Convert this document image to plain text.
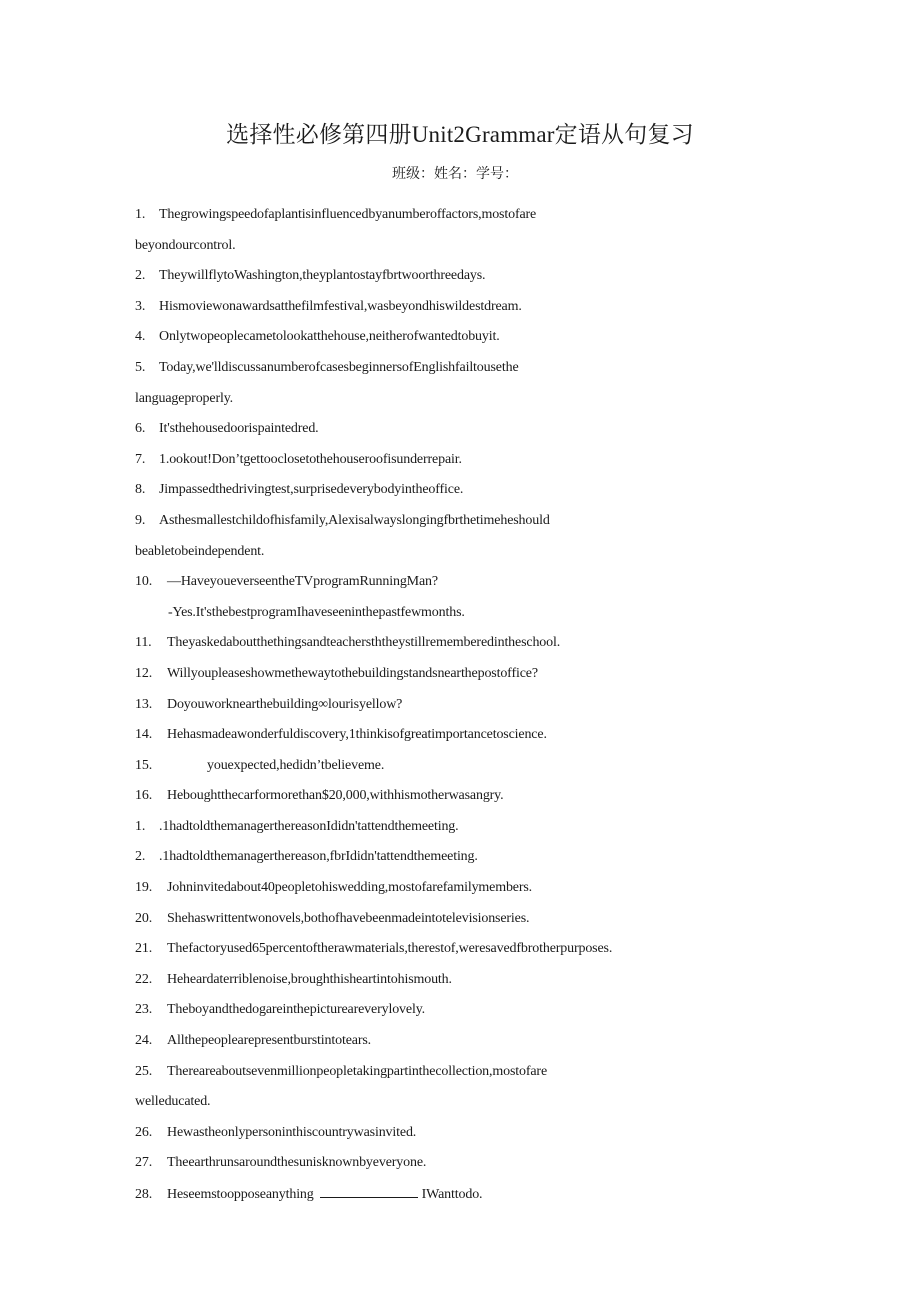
选择性必修第四册Unit2Grammar定语从句复习
班级：姓名：学号：
1. Thegrowingspeedofaplantisinfluencedbyanumberoffactors,mostofare
beyondourcontrol.
2. TheywillflytoWashington,theyplantostayfbrtwoorthreedays.
3. Hismoviewonawardsatthefilmfestival,wasbeyondhiswildestdream.
4. Onlytwopeoplecametolookatthehouse,neitherofwantedtobuyit.
5. Today,we'lldiscussanumberofcasesbeginnersofEnglishfailtousethe
languageproperly.
6. It'sthehousedoorispaintedred.
7. 1.ookout!Don’tgettooclosetothehouseroofisunderrepair.
8. Jimpassedthedrivingtest,surprisedeverybodyintheoffice.
9. Asthesmallestchildofhisfamily,Alexisalwayslongingfbrthetimeheshould
beabletobeindependent.
10. —HaveyoueverseentheTVprogramRunningMan?
-Yes.It'sthebestprogramIhaveseeninthepastfewmonths.
11. Theyaskedaboutthethingsandteachersththeystillrememberedintheschool.
12. Willyoupleaseshowmethewaytothebuildingstandsnearthepostoffice?
13. Doyouworknearthebuilding∞lourisyellow?
14. Hehasmadeawonderfuldiscovery,1thinkisofgreatimportancetoscience.
15.	youexpected,hedidn’tbelieveme.
16. Heboughtthecarformorethan$20,000,withhismotherwasangry.
1. .1hadtoldthemanagerthereasonIdidn'tattendthemeeting.
2. .1hadtoldthemanagerthereason,fbrIdidn'tattendthemeeting.
19. Johninvitedabout40peopletohiswedding,mostofarefamilymembers.
20. Shehaswrittentwonovels,bothofhavebeenmadeintotelevisionseries.
21. Thefactoryused65percentoftherawmaterials,therestof,weresavedfbrotherpurposes.
22. Heheardaterriblenoise,broughthisheartintohismouth.
23. Theboyandthedogareinthepictureareverylovely.
24. Allthepeoplearepresentburstintotears.
25. Thereareaboutsevenmillionpeopletakingpartinthecollection,mostofare
welleducated.
26. Hewastheonlypersoninthiscountrywasinvited.
27. Theearthrunsaroundthesunisknownbyeveryone.
28. Heseemstoopposeanything	IWanttodo.
